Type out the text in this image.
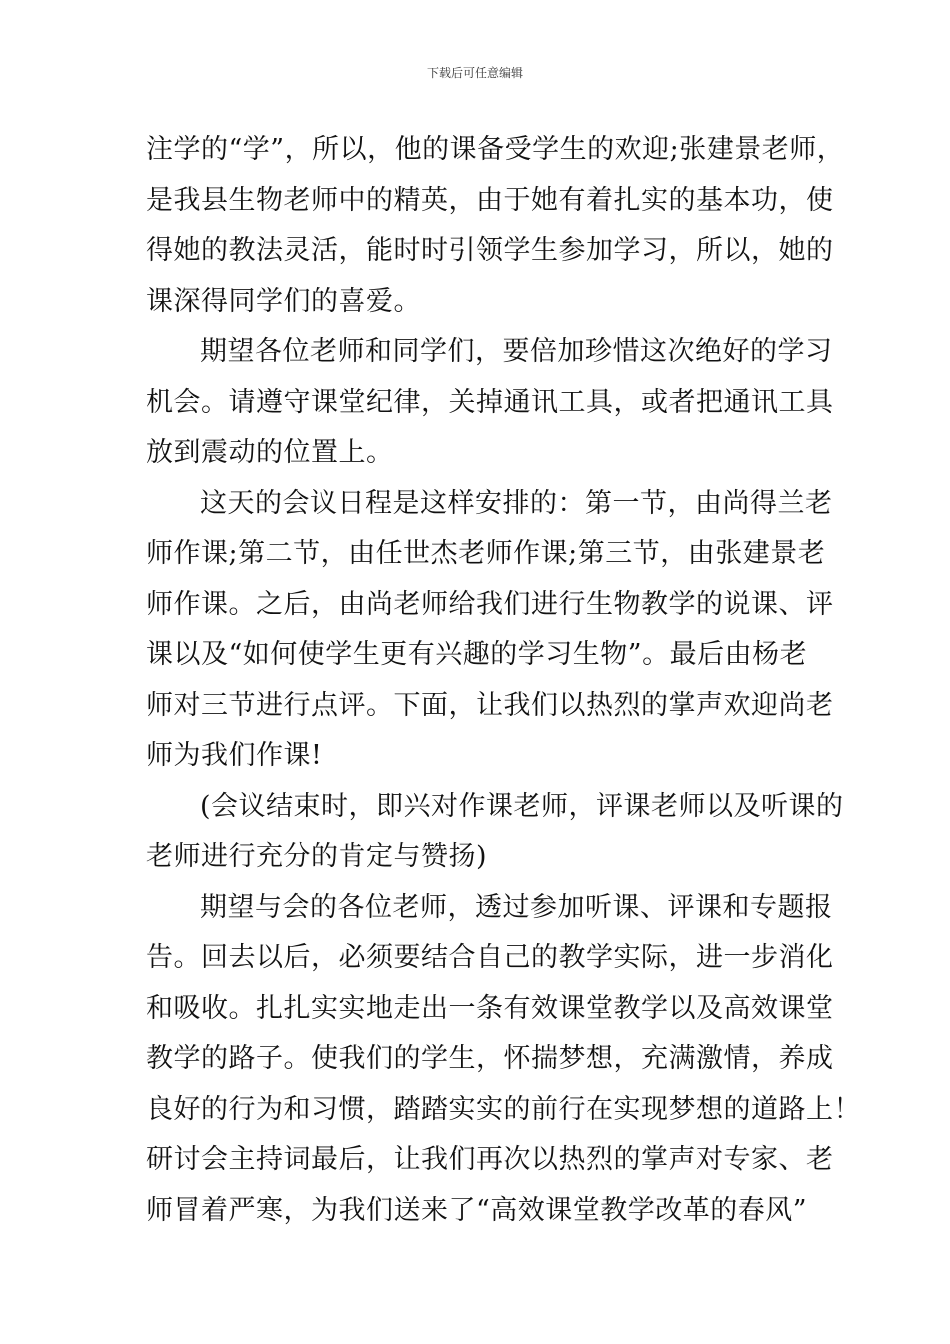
下载后可任意编辑
注学的“学”，所以，他的课备受学生的欢迎;张建景老师，
是我县生物老师中的精英，由于她有着扎实的基本功，使
得她的教法灵活，能时时引领学生参加学习，所以，她的
课深得同学们的喜爱。
期望各位老师和同学们，要倍加珍惜这次绝好的学习
机会。请遵守课堂纪律，关掉通讯工具，或者把通讯工具
放到震动的位置上。
这天的会议日程是这样安排的：第一节，由尚得兰老
师作课;第二节，由任世杰老师作课;第三节，由张建景老
师作课。之后，由尚老师给我们进行生物教学的说课、评
课以及“如何使学生更有兴趣的学习生物”。最后由杨老
师对三节进行点评。下面，让我们以热烈的掌声欢迎尚老
师为我们作课!
(会议结束时，即兴对作课老师，评课老师以及听课的
老师进行充分的肯定与赞扬)
期望与会的各位老师，透过参加听课、评课和专题报
告。回去以后，必须要结合自己的教学实际，进一步消化
和吸收。扎扎实实地走出一条有效课堂教学以及高效课堂
教学的路子。使我们的学生，怀揣梦想，充满激情，养成
良好的行为和习惯，踏踏实实的前行在实现梦想的道路上！
研讨会主持词最后，让我们再次以热烈的掌声对专家、老
师冒着严寒，为我们送来了“高效课堂教学改革的春风”
